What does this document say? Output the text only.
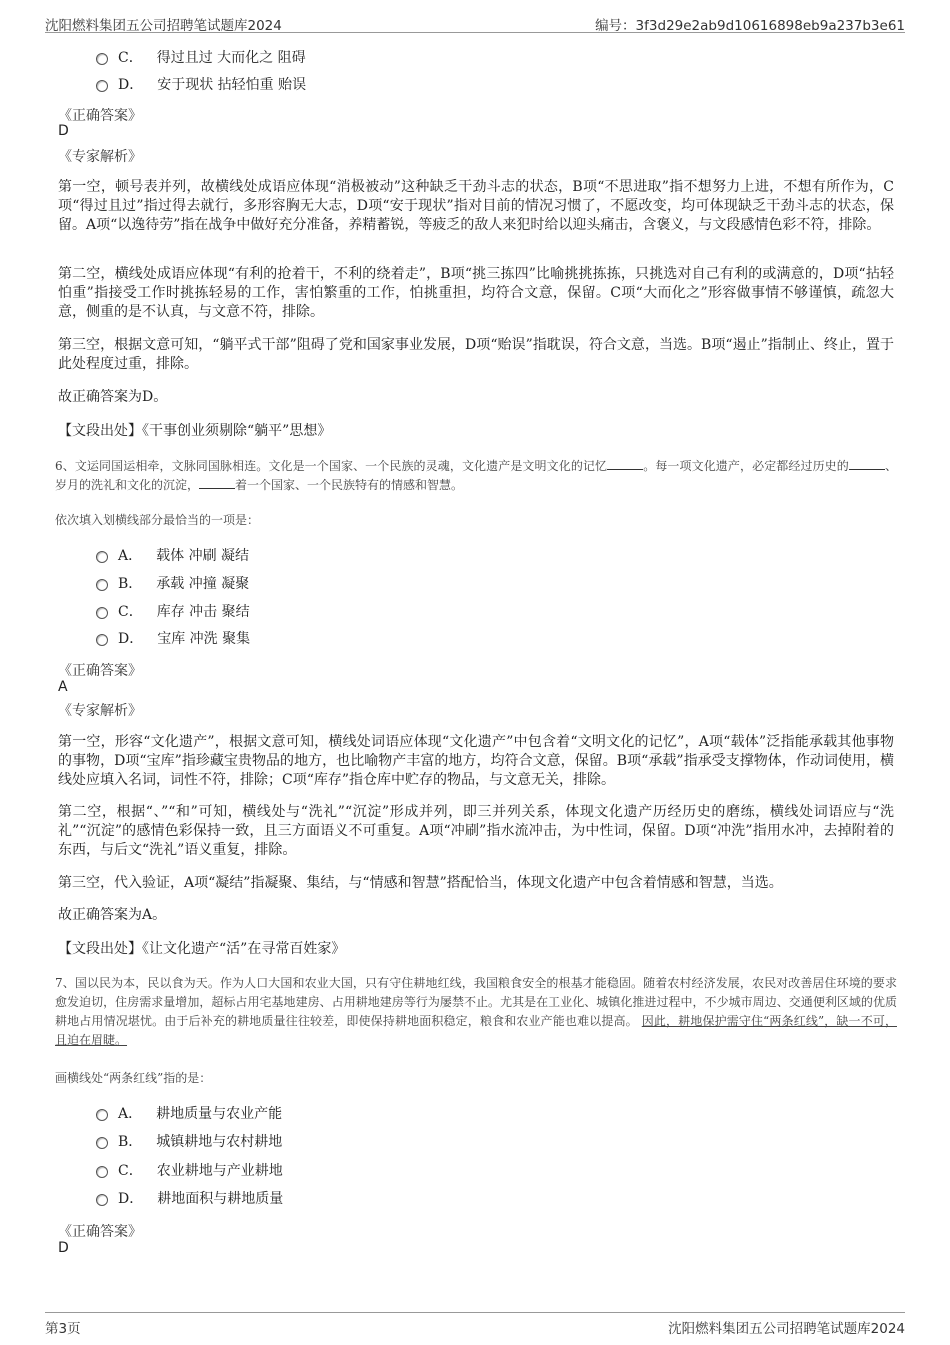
沈阳燃料集团五公司招聘笔试题库2024	编号：3f3d29e2ab9d10616898eb9a237b3e61
C． 得过且过 大而化之 阻碍
D． 安于现状 拈轻怕重 贻误
《正确答案》
D
《专家解析》
第一空，顿号表并列，故横线处成语应体现“消极被动”这种缺乏干劲斗志的状态，B项“不思进取”指不想努力上进，不想有所作为，C项“得过且过”指过得去就行，多形容胸无大志，D项“安于现状”指对目前的情况习惯了，不愿改变，均可体现缺乏干劲斗志的状态，保留。A项“以逸待劳”指在战争中做好充分准备，养精蓄锐，等疲乏的敌人来犯时给以迎头痛击，含褒义，与文段感情色彩不符，排除。
第二空，横线处成语应体现“有利的抢着干，不利的绕着走”，B项“挑三拣四”比喻挑挑拣拣，只挑选对自己有利的或满意的，D项“拈轻怕重”指接受工作时挑拣轻易的工作，害怕繁重的工作，怕挑重担，均符合文意，保留。C项“大而化之”形容做事情不够谨慎，疏忽大意，侧重的是不认真，与文意不符，排除。
第三空，根据文意可知，“躺平式干部”阻碍了党和国家事业发展，D项“贻误”指耽误，符合文意，当选。B项“遏止”指制止、终止，置于此处程度过重，排除。
故正确答案为D。
【文段出处】《干事创业须剔除“躺平”思想》
6、文运同国运相牵，文脉同国脉相连。文化是一个国家、一个民族的灵魂，文化遗产是文明文化的记忆	。每一项文化遗产，必定都经过历史的	、岁月的洗礼和文化的沉淀，	着一个国家、一个民族特有的情感和智慧。
依次填入划横线部分最恰当的一项是：
A． 载体 冲刷 凝结
B． 承载 冲撞 凝聚
C． 库存 冲击 聚结
D． 宝库 冲洗 聚集
《正确答案》
A
《专家解析》
第一空，形容“文化遗产”，根据文意可知，横线处词语应体现“文化遗产”中包含着“文明文化的记忆”，A项“载体”泛指能承载其他事物的事物，D项“宝库”指珍藏宝贵物品的地方，也比喻物产丰富的地方，均符合文意，保留。B项“承载”指承受支撑物体，作动词使用，横线处应填入名词，词性不符，排除；C项“库存”指仓库中贮存的物品，与文意无关，排除。
第二空，根据“、”“和”可知，横线处与“洗礼”“沉淀”形成并列，即三并列关系，体现文化遗产历经历史的磨练，横线处词语应与“洗礼”“沉淀”的感情色彩保持一致，且三方面语义不可重复。A项“冲刷”指水流冲击，为中性词，保留。D项“冲洗”指用水冲，去掉附着的东西，与后文“洗礼”语义重复，排除。
第三空，代入验证，A项“凝结”指凝聚、集结，与“情感和智慧”搭配恰当，体现文化遗产中包含着情感和智慧，当选。
故正确答案为A。
【文段出处】《让文化遗产“活”在寻常百姓家》
7、国以民为本，民以食为天。作为人口大国和农业大国，只有守住耕地红线，我国粮食安全的根基才能稳固。随着农村经济发展，农民对改善居住环境的要求愈发迫切，住房需求量增加，超标占用宅基地建房、占用耕地建房等行为屡禁不止。尤其是在工业化、城镇化推进过程中，不少城市周边、交通便利区域的优质耕地占用情况堪忧。由于后补充的耕地质量往往较差，即使保持耕地面积稳定，粮食和农业产能也难以提高。 因此，耕地保护需守住“两条红线”，缺一不可，且迫在眉睫。
画横线处“两条红线”指的是：
A． 耕地质量与农业产能
B． 城镇耕地与农村耕地
C． 农业耕地与产业耕地
D． 耕地面积与耕地质量
《正确答案》
D
第3页	沈阳燃料集团五公司招聘笔试题库2024
